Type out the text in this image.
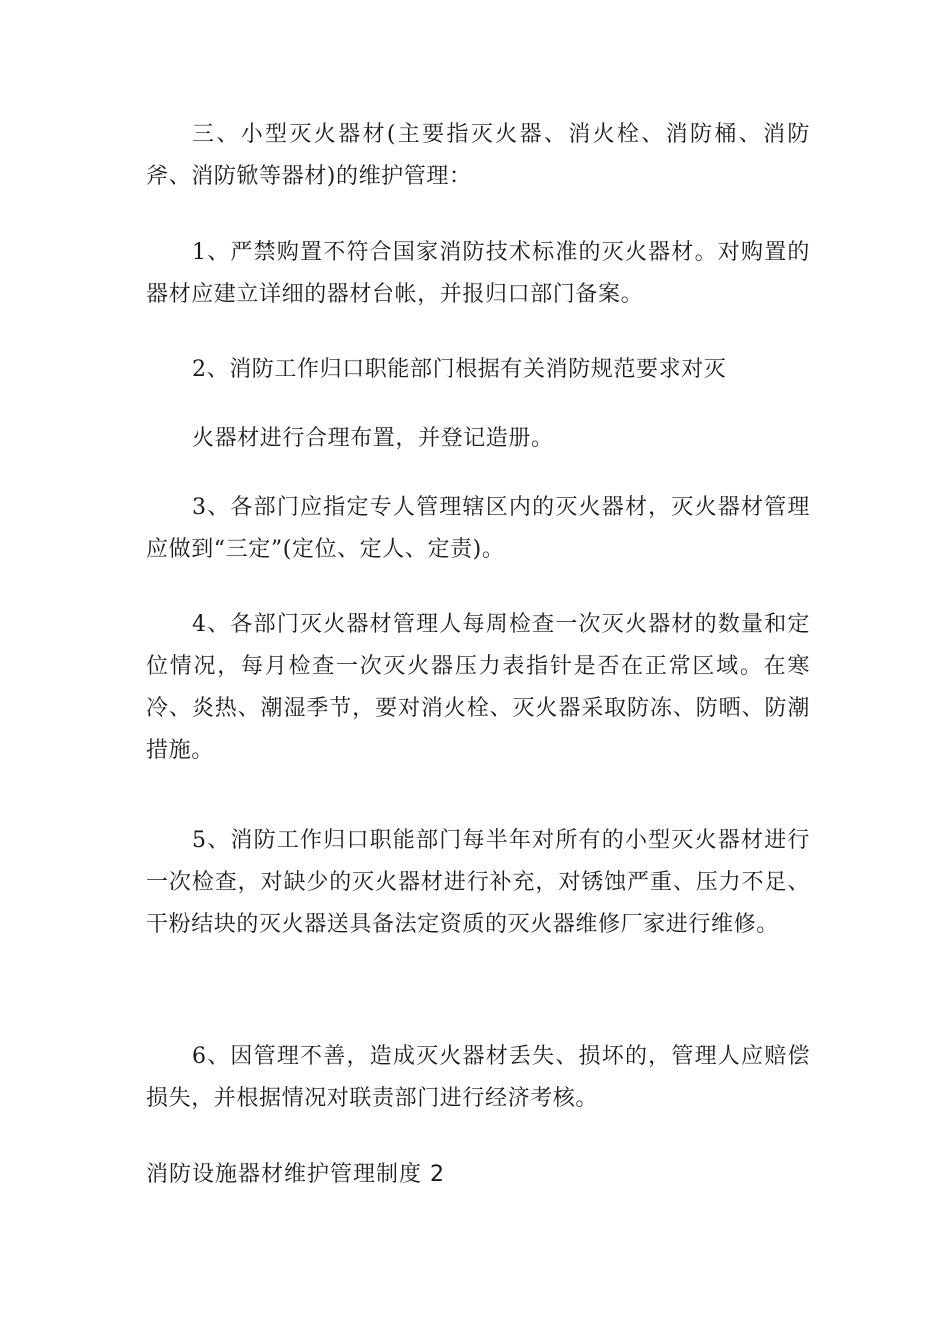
三、小型灭火器材(主要指灭火器、消火栓、消防桶、消防斧、消防锨等器材)的维护管理：

1、严禁购置不符合国家消防技术标准的灭火器材。对购置的器材应建立详细的器材台帐，并报归口部门备案。

2、消防工作归口职能部门根据有关消防规范要求对灭

火器材进行合理布置，并登记造册。

3、各部门应指定专人管理辖区内的灭火器材，灭火器材管理应做到“三定”(定位、定人、定责)。

4、各部门灭火器材管理人每周检查一次灭火器材的数量和定位情况，每月检查一次灭火器压力表指针是否在正常区域。在寒冷、炎热、潮湿季节，要对消火栓、灭火器采取防冻、防晒、防潮措施。

5、消防工作归口职能部门每半年对所有的小型灭火器材进行一次检查，对缺少的灭火器材进行补充，对锈蚀严重、压力不足、干粉结块的灭火器送具备法定资质的灭火器维修厂家进行维修。

6、因管理不善，造成灭火器材丢失、损坏的，管理人应赔偿损失，并根据情况对联责部门进行经济考核。

消防设施器材维护管理制度 2
